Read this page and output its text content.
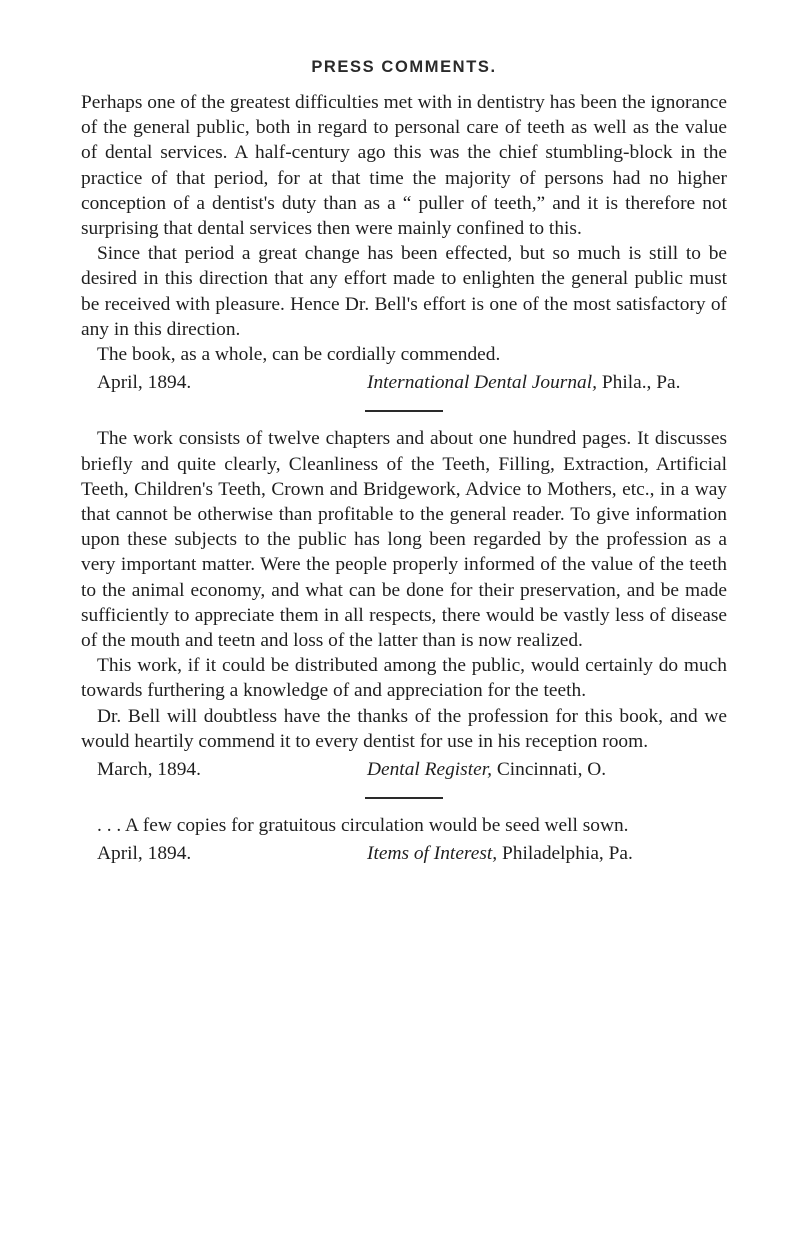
PRESS COMMENTS.

Perhaps one of the greatest difficulties met with in dentistry has been the ignorance of the general public, both in regard to personal care of teeth as well as the value of dental services. A half-century ago this was the chief stumbling-block in the practice of that period, for at that time the majority of persons had no higher conception of a dentist's duty than as a “ puller of teeth,” and it is therefore not surprising that dental services then were mainly confined to this.

Since that period a great change has been effected, but so much is still to be desired in this direction that any effort made to enlighten the general public must be received with pleasure. Hence Dr. Bell's effort is one of the most satisfactory of any in this direction.

The book, as a whole, can be cordially commended.

April, 1894.	International Dental Journal, Phila., Pa.

The work consists of twelve chapters and about one hundred pages. It discusses briefly and quite clearly, Cleanliness of the Teeth, Filling, Extraction, Artificial Teeth, Children's Teeth, Crown and Bridgework, Advice to Mothers, etc., in a way that cannot be otherwise than profitable to the general reader. To give information upon these subjects to the public has long been regarded by the profession as a very important matter. Were the people properly informed of the value of the teeth to the animal economy, and what can be done for their preservation, and be made sufficiently to appreciate them in all respects, there would be vastly less of disease of the mouth and teetn and loss of the latter than is now realized.

This work, if it could be distributed among the public, would certainly do much towards furthering a knowledge of and appreciation for the teeth.

Dr. Bell will doubtless have the thanks of the profession for this book, and we would heartily commend it to every dentist for use in his reception room.

March, 1894.	Dental Register, Cincinnati, O.

. . . A few copies for gratuitous circulation would be seed well sown.

April, 1894.	Items of Interest, Philadelphia, Pa.
